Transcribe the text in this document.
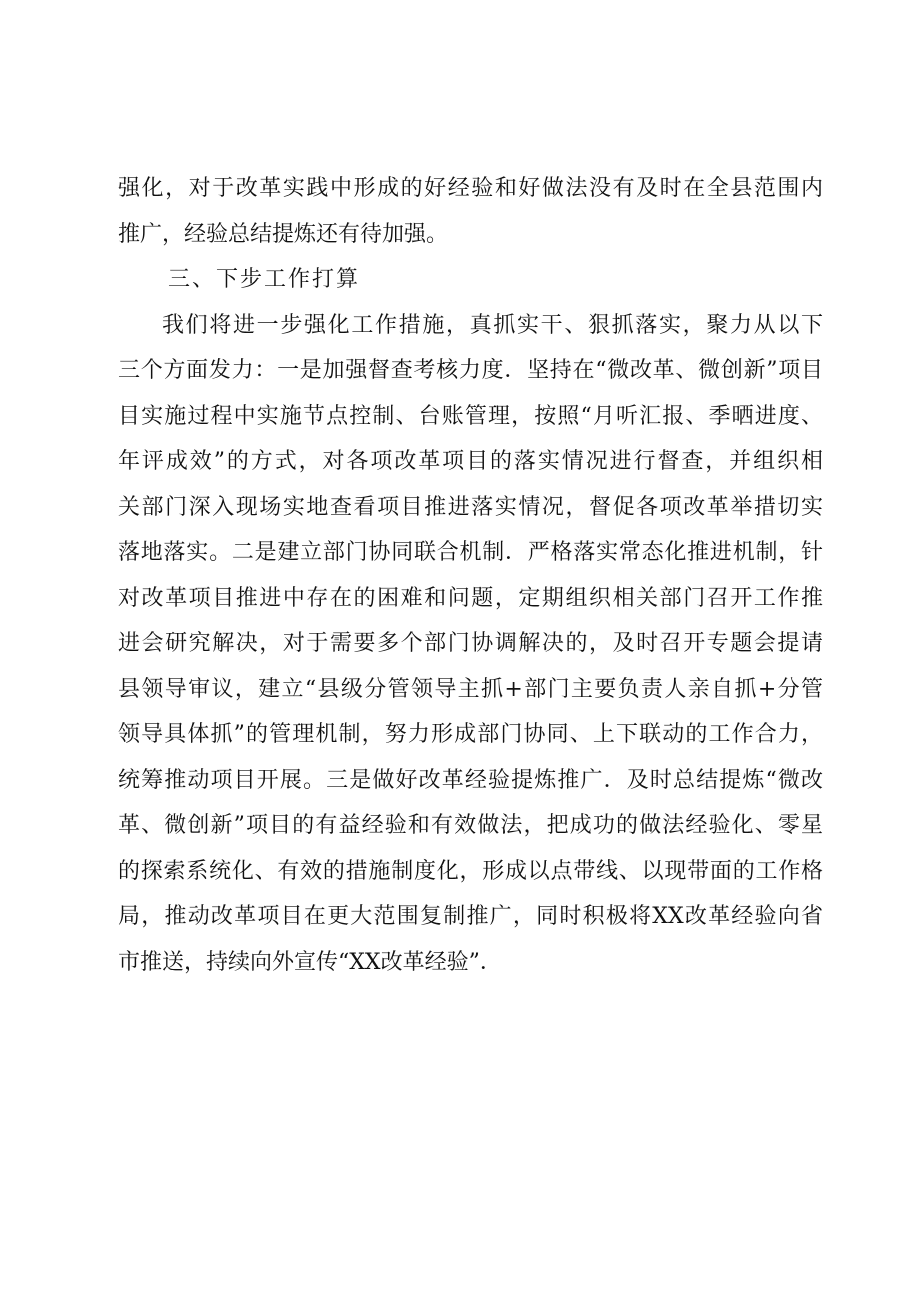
强化，对于改革实践中形成的好经验和好做法没有及时在全县范围内
推广，经验总结提炼还有待加强。
三、下步工作打算
我们将进一步强化工作措施，真抓实干、狠抓落实，聚力从以下
三个方面发力：一是加强督查考核力度．坚持在“微改革、微创新”项目
目实施过程中实施节点控制、台账管理，按照“月听汇报、季晒进度、
年评成效”的方式，对各项改革项目的落实情况进行督查，并组织相
关部门深入现场实地查看项目推进落实情况，督促各项改革举措切实
落地落实。二是建立部门协同联合机制．严格落实常态化推进机制，针
对改革项目推进中存在的困难和问题，定期组织相关部门召开工作推
进会研究解决，对于需要多个部门协调解决的，及时召开专题会提请
县领导审议，建立“县级分管领导主抓+部门主要负责人亲自抓+分管
领导具体抓”的管理机制，努力形成部门协同、上下联动的工作合力，
统筹推动项目开展。三是做好改革经验提炼推广．及时总结提炼“微改
革、微创新”项目的有益经验和有效做法，把成功的做法经验化、零星
的探索系统化、有效的措施制度化，形成以点带线、以现带面的工作格
局，推动改革项目在更大范围复制推广，同时积极将XX改革经验向省
市推送，持续向外宣传“XX改革经验”．
